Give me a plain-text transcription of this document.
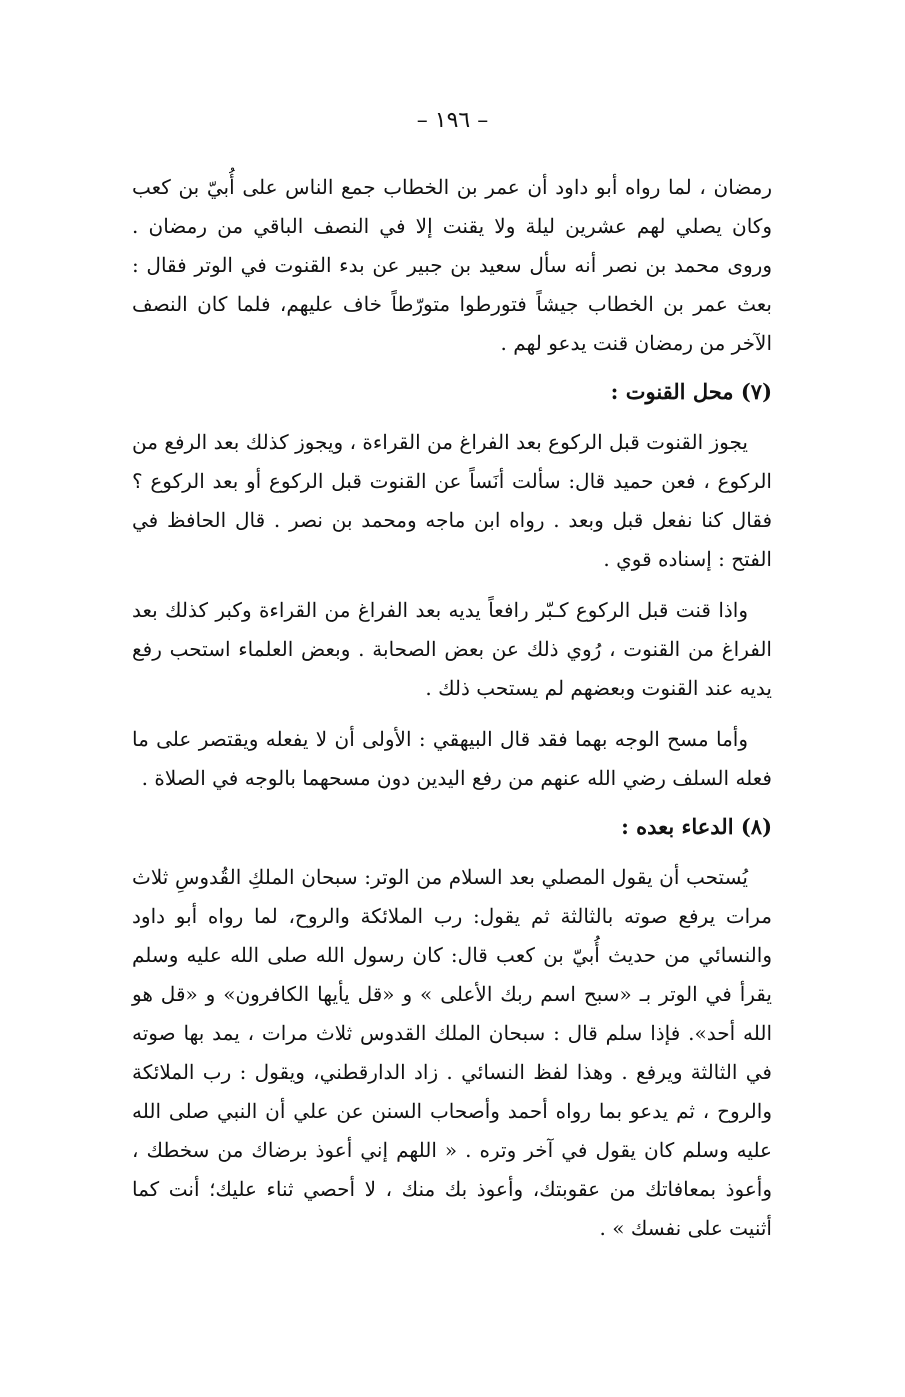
– ١٩٦ –

رمضان ، لما رواه أبو داود أن عمر بن الخطاب جمع الناس على أُبيّ بن كعب وكان يصلي لهم عشرين ليلة ولا يقنت إلا في النصف الباقي من رمضان . وروى محمد بن نصر أنه سأل سعيد بن جبير عن بدء القنوت في الوتر فقال : بعث عمر بن الخطاب جيشاً فتورطوا متورّطاً خاف عليهم، فلما كان النصف الآخر من رمضان قنت يدعو لهم .

(٧) محل القنوت :

يجوز القنوت قبل الركوع بعد الفراغ من القراءة ، ويجوز كذلك بعد الرفع من الركوع ، فعن حميد قال: سألت أنَساً عن القنوت قبل الركوع أو بعد الركوع ؟ فقال كنا نفعل قبل وبعد . رواه ابن ماجه ومحمد بن نصر . قال الحافظ في الفتح : إسناده قوي .

واذا قنت قبل الركوع كـبّر رافعاً يديه بعد الفراغ من القراءة وكبر كذلك بعد الفراغ من القنوت ، رُوي ذلك عن بعض الصحابة . وبعض العلماء استحب رفع يديه عند القنوت وبعضهم لم يستحب ذلك .

وأما مسح الوجه بهما فقد قال البيهقي : الأولى أن لا يفعله ويقتصر على ما فعله السلف رضي الله عنهم من رفع اليدين دون مسحهما بالوجه في الصلاة .

(٨) الدعاء بعده :

يُستحب أن يقول المصلي بعد السلام من الوتر: سبحان الملكِ القُدوسِ ثلاث مرات يرفع صوته بالثالثة ثم يقول: رب الملائكة والروح، لما رواه أبو داود والنسائي من حديث أُبيّ بن كعب قال: كان رسول الله صلى الله عليه وسلم يقرأ في الوتر بـ «سبح اسم ربك الأعلى » و «قل يأيها الكافرون» و «قل هو الله أحد». فإذا سلم قال : سبحان الملك القدوس ثلاث مرات ، يمد بها صوته في الثالثة ويرفع . وهذا لفظ النسائي . زاد الدارقطني، ويقول : رب الملائكة والروح ، ثم يدعو بما رواه أحمد وأصحاب السنن عن علي أن النبي صلى الله عليه وسلم كان يقول في آخر وتره . « اللهم إني أعوذ برضاك من سخطك ، وأعوذ بمعافاتك من عقوبتك، وأعوذ بك منك ، لا أحصي ثناء عليك؛ أنت كما أثنيت على نفسك » .
